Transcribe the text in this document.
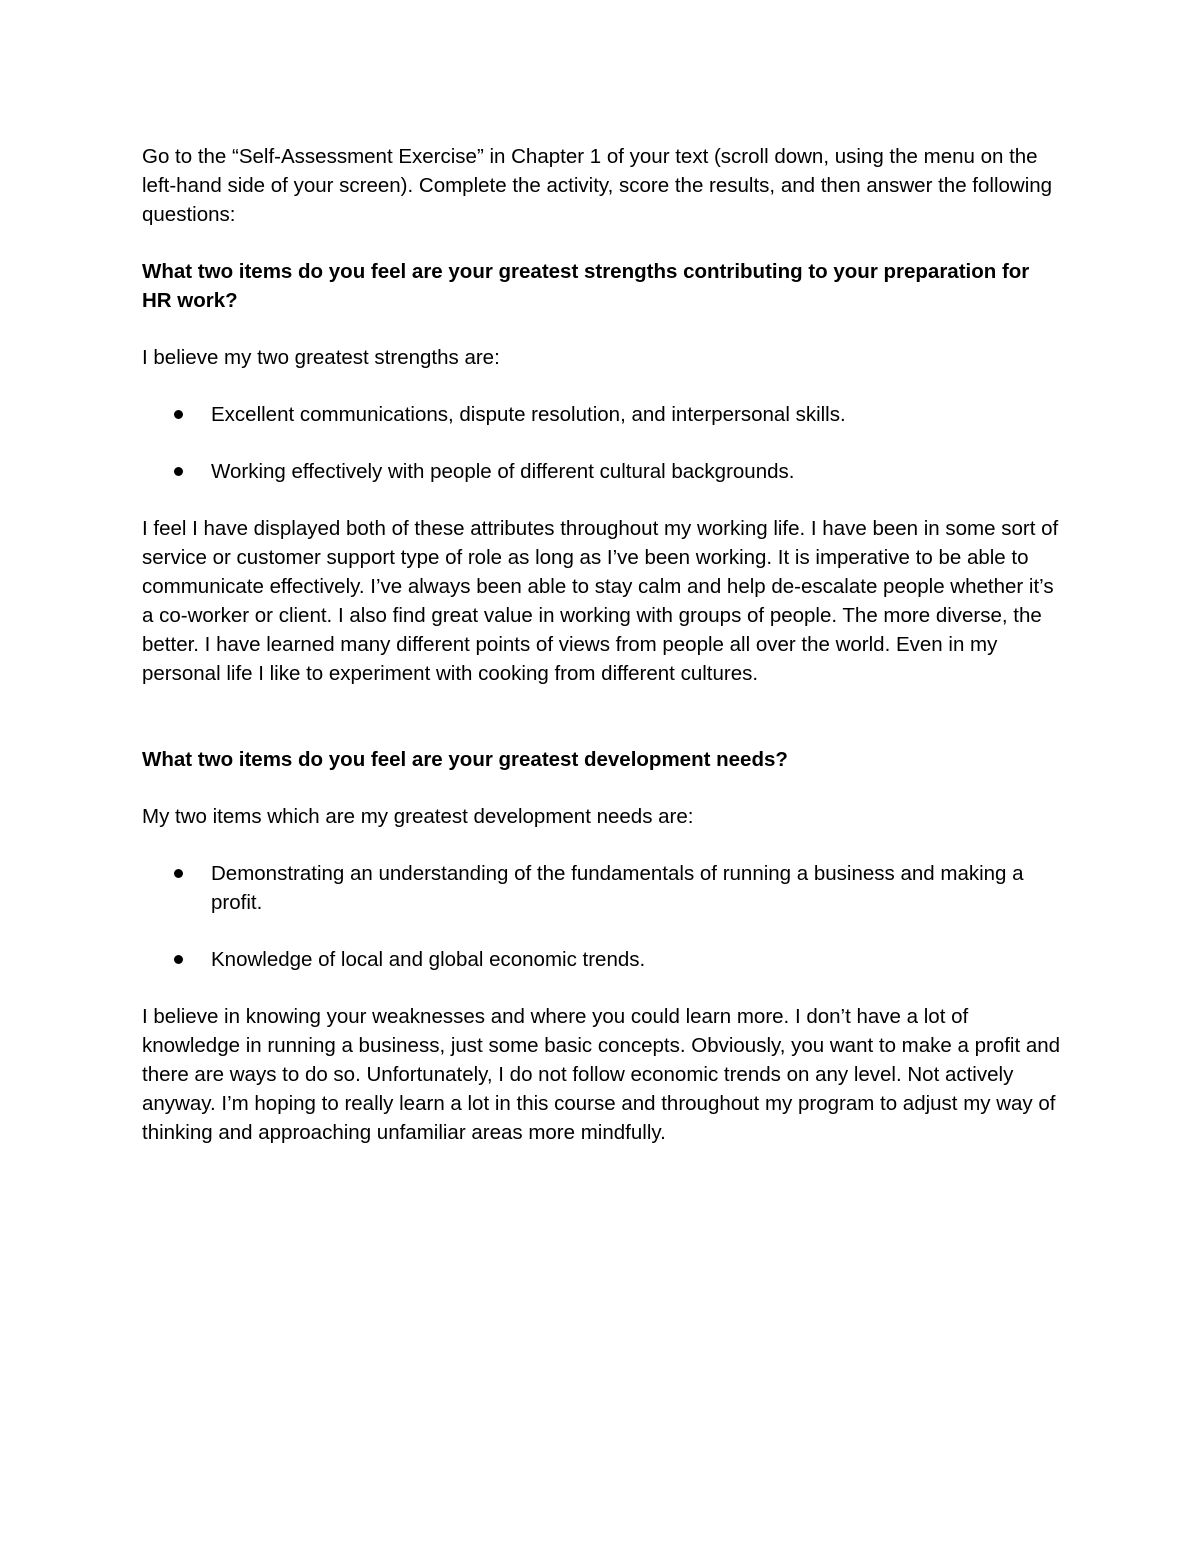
Go to the “Self-Assessment Exercise” in Chapter 1 of your text (scroll down, using the menu on the left-hand side of your screen). Complete the activity, score the results, and then answer the following questions:

What two items do you feel are your greatest strengths contributing to your preparation for HR work?

I believe my two greatest strengths are:

Excellent communications, dispute resolution, and interpersonal skills.
Working effectively with people of different cultural backgrounds.

I feel I have displayed both of these attributes throughout my working life. I have been in some sort of service or customer support type of role as long as I’ve been working. It is imperative to be able to communicate effectively. I’ve always been able to stay calm and help de-escalate people whether it’s a co-worker or client. I also find great value in working with groups of people. The more diverse, the better. I have learned many different points of views from people all over the world. Even in my personal life I like to experiment with cooking from different cultures.

What two items do you feel are your greatest development needs?

My two items which are my greatest development needs are:

Demonstrating an understanding of the fundamentals of running a business and making a profit.
Knowledge of local and global economic trends.

I believe in knowing your weaknesses and where you could learn more. I don’t have a lot of knowledge in running a business, just some basic concepts. Obviously, you want to make a profit and there are ways to do so. Unfortunately, I do not follow economic trends on any level. Not actively anyway. I’m hoping to really learn a lot in this course and throughout my program to adjust my way of thinking and approaching unfamiliar areas more mindfully.
